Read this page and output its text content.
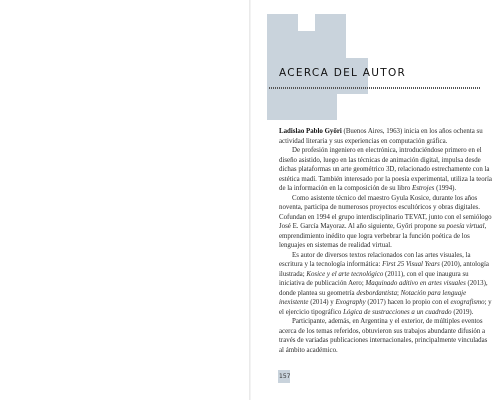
ACERCA DEL AUTOR

Ladislao Pablo Győri (Buenos Aires, 1963) inicia en los años ochenta su actividad literaria y sus experiencias en computación gráfica.

De profesión ingeniero en electrónica, introduciéndose primero en el diseño asistido, luego en las técnicas de animación digital, impulsa desde dichas plataformas un arte geométrico 3D, relacionado estrechamente con la estética madí. También interesado por la poesía experimental, utiliza la teoría de la información en la composición de su libro Estrojes (1994).

Como asistente técnico del maestro Gyula Kosice, durante los años noventa, participa de numerosos proyectos escultóricos y obras digitales. Cofundan en 1994 el grupo interdisciplinario TEVAT, junto con el semiólogo José E. García Mayoraz. Al año siguiente, Győri propone su poesía virtual, emprendimiento inédito que logra verbebrar la función poética de los lenguajes en sistemas de realidad virtual.

Es autor de diversos textos relacionados con las artes visuales, la escritura y la tecnología informática: First 25 Visual Years (2010), antología ilustrada; Kosice y el arte tecnológico (2011), con el que inaugura su iniciativa de publicación Aero; Maquinado aditivo en artes visuales (2013), donde plantea su geometría desbordantista; Notación para lenguaje inexistente (2014) y Exography (2017) hacen lo propio con el exografismo; y el ejercicio tipográfico Lógica de sustracciones a un cuadrado (2019).

Participante, además, en Argentina y el exterior, de múltiples eventos acerca de los temas referidos, obtuvieron sus trabajos abundante difusión a través de variadas publicaciones internacionales, principalmente vinculadas al ámbito académico.

157
